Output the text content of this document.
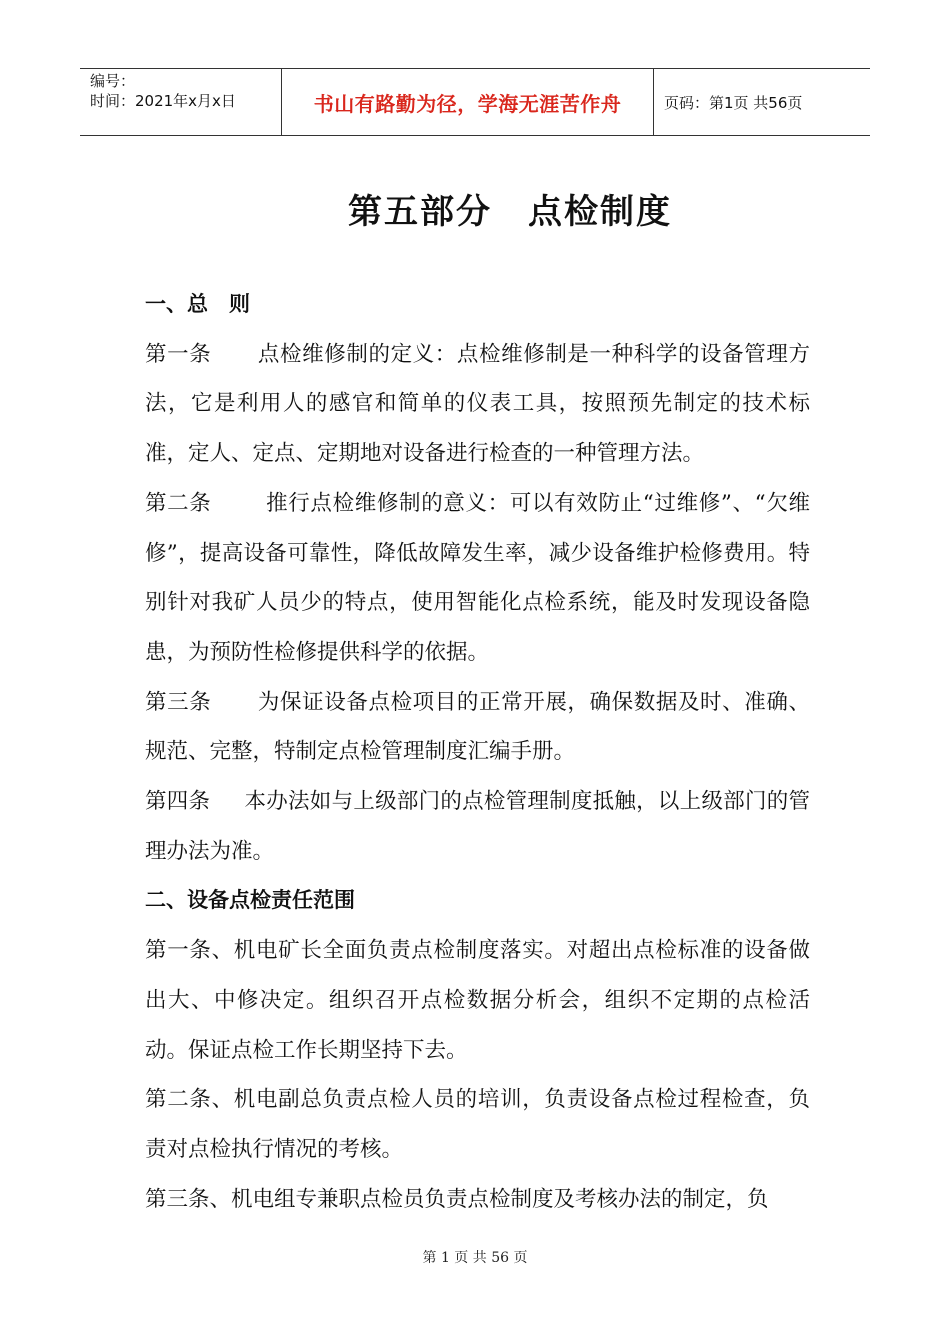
编号：
时间：2021年x月x日	书山有路勤为径，学海无涯苦作舟	页码：第1页 共56页
第五部分　点检制度
一、总　则

第一条 点检维修制的定义：点检维修制是一种科学的设备管理方法，它是利用人的感官和简单的仪表工具，按照预先制定的技术标准，定人、定点、定期地对设备进行检查的一种管理方法。

第二条	推行点检维修制的意义：可以有效防止“过维修”、“欠维修”，提高设备可靠性，降低故障发生率，减少设备维护检修费用。特别针对我矿人员少的特点，使用智能化点检系统，能及时发现设备隐患，为预防性检修提供科学的依据。

第三条 为保证设备点检项目的正常开展，确保数据及时、准确、规范、完整，特制定点检管理制度汇编手册。

第四条 本办法如与上级部门的点检管理制度抵触，以上级部门的管理办法为准。

二、设备点检责任范围

第一条、机电矿长全面负责点检制度落实。对超出点检标准的设备做出大、中修决定。组织召开点检数据分析会，组织不定期的点检活动。保证点检工作长期坚持下去。

第二条、机电副总负责点检人员的培训，负责设备点检过程检查，负责对点检执行情况的考核。

第三条、机电组专兼职点检员负责点检制度及考核办法的制定，负

第 1 页 共 56 页
